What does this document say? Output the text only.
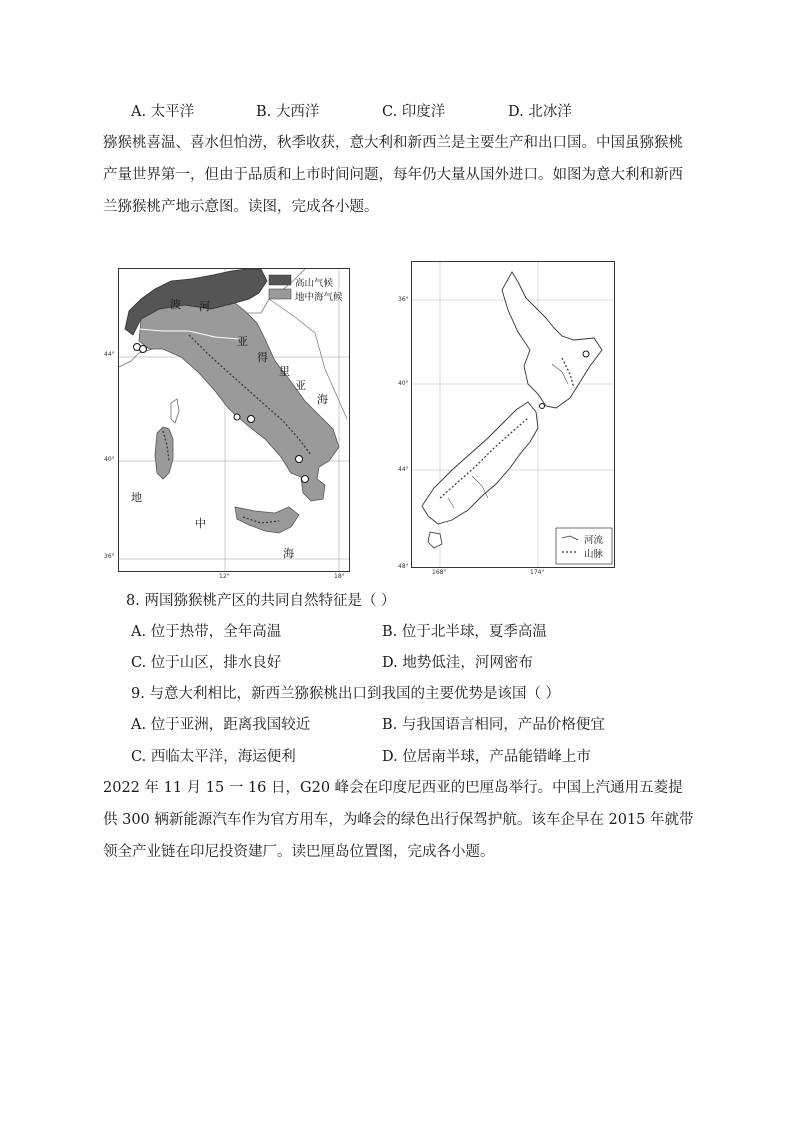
A. 太平洋	B. 大西洋	C. 印度洋	D. 北冰洋
猕猴桃喜温、喜水但怕涝，秋季收获，意大利和新西兰是主要生产和出口国。中国虽猕猴桃产量世界第一，但由于品质和上市时间问题，每年仍大量从国外进口。如图为意大利和新西兰猕猴桃产地示意图。读图，完成各小题。
高山气候
地中海气候
波 河
亚
得
里
亚
海
地
中
海
44°
40°
36°
12°	18°
河流
山脉
36°
40°
44°
48°
168°	174°
8. 两国猕猴桃产区的共同自然特征是（ ）
A. 位于热带，全年高温	B. 位于北半球，夏季高温
C. 位于山区，排水良好	D. 地势低洼，河网密布
9. 与意大利相比，新西兰猕猴桃出口到我国的主要优势是该国（ ）
A. 位于亚洲，距离我国较近	B. 与我国语言相同，产品价格便宜
C. 西临太平洋，海运便利	D. 位居南半球，产品能错峰上市
2022 年 11 月 15 一 16 日，G20 峰会在印度尼西亚的巴厘岛举行。中国上汽通用五菱提供 300 辆新能源汽车作为官方用车，为峰会的绿色出行保驾护航。该车企早在 2015 年就带领全产业链在印尼投资建厂。读巴厘岛位置图，完成各小题。
